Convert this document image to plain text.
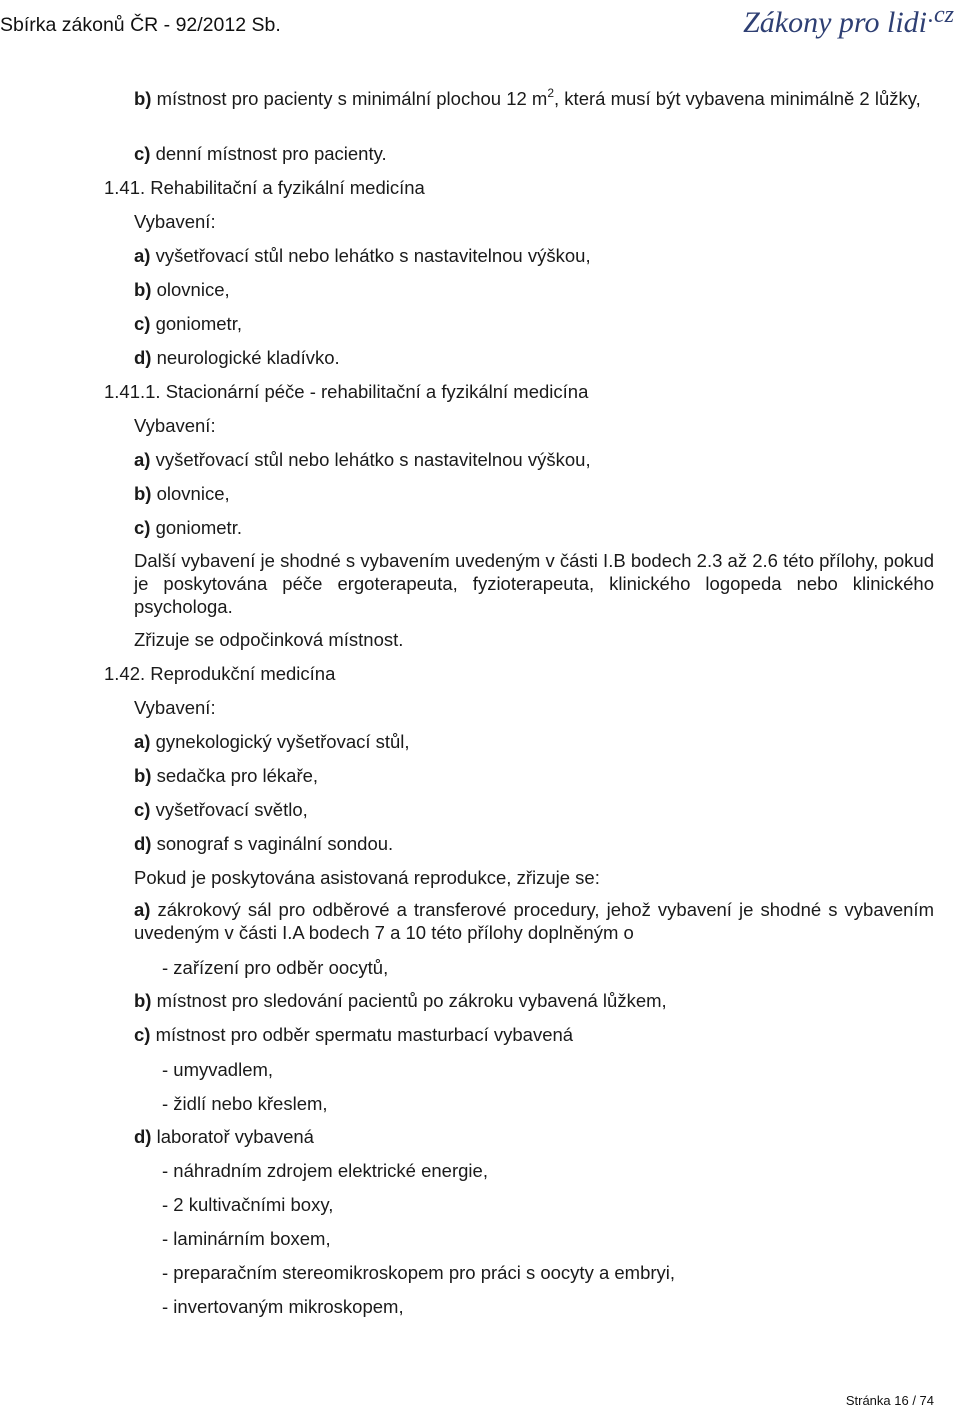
Sbírka zákonů ČR - 92/2012 Sb.	Zákony pro lidi$^{.cz}$
b) místnost pro pacienty s minimální plochou 12 $m^2$, která musí být vybavena minimálně 2 lůžky,
c) denní místnost pro pacienty.
1.41. Rehabilitační a fyzikální medicína
Vybavení:
a) vyšetřovací stůl nebo lehátko s nastavitelnou výškou,
b) olovnice,
c) goniometr,
d) neurologické kladívko.
1.41.1. Stacionární péče - rehabilitační a fyzikální medicína
Vybavení:
a) vyšetřovací stůl nebo lehátko s nastavitelnou výškou,
b) olovnice,
c) goniometr.
Další vybavení je shodné s vybavením uvedeným v části I.B bodech 2.3 až 2.6 této přílohy, pokud je poskytována péče ergoterapeuta, fyzioterapeuta, klinického logopeda nebo klinického psychologa.
Zřizuje se odpočinková místnost.
1.42. Reprodukční medicína
Vybavení:
a) gynekologický vyšetřovací stůl,
b) sedačka pro lékaře,
c) vyšetřovací světlo,
d) sonograf s vaginální sondou.
Pokud je poskytována asistovaná reprodukce, zřizuje se:
a) zákrokový sál pro odběrové a transferové procedury, jehož vybavení je shodné s vybavením uvedeným v části I.A bodech 7 a 10 této přílohy doplněným o
- zařízení pro odběr oocytů,
b) místnost pro sledování pacientů po zákroku vybavená lůžkem,
c) místnost pro odběr spermatu masturbací vybavená
- umyvadlem,
- židlí nebo křeslem,
d) laboratoř vybavená
- náhradním zdrojem elektrické energie,
- 2 kultivačními boxy,
- laminárním boxem,
- preparačním stereomikroskopem pro práci s oocyty a embryi,
- invertovaným mikroskopem,
Stránka 16 / 74
